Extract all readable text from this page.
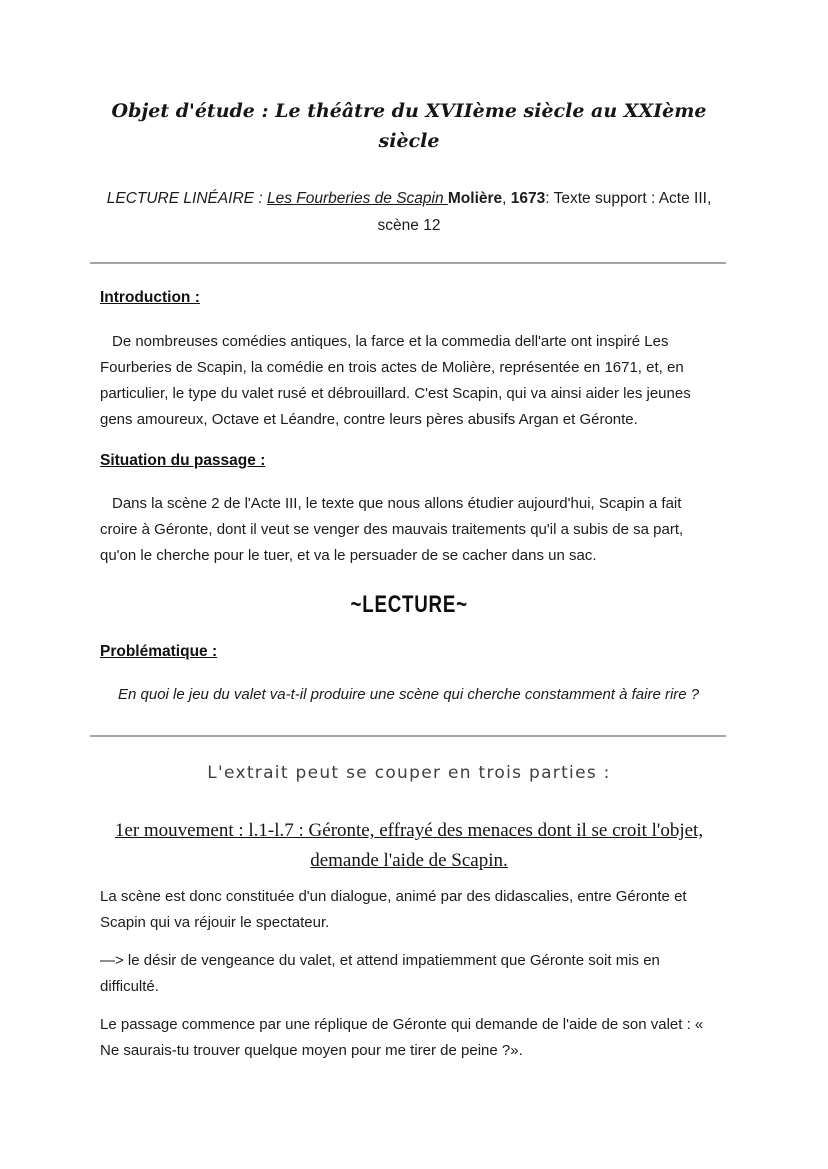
Objet d'étude : Le théâtre du XVIIème siècle au XXIème siècle

LECTURE LINÉAIRE : Les Fourberies de Scapin Molière, 1673: Texte support : Acte III, scène 12

Introduction :

De nombreuses comédies antiques, la farce et la commedia dell'arte ont inspiré Les Fourberies de Scapin, la comédie en trois actes de Molière, représentée en 1671, et, en particulier, le type du valet rusé et débrouillard. C'est Scapin, qui va ainsi aider les jeunes gens amoureux, Octave et Léandre, contre leurs pères abusifs Argan et Géronte.

Situation du passage :

Dans la scène 2 de l'Acte III, le texte que nous allons étudier aujourd'hui, Scapin a fait croire à Géronte, dont il veut se venger des mauvais traitements qu'il a subis de sa part, qu'on le cherche pour le tuer, et va le persuader de se cacher dans un sac.

~LECTURE~
Problématique :

En quoi le jeu du valet va-t-il produire une scène qui cherche constamment à faire rire ?

L'extrait peut se couper en trois parties :

1er mouvement : l.1-l.7 : Géronte, effrayé des menaces dont il se croit l'objet, demande l'aide de Scapin.

La scène est donc constituée d'un dialogue, animé par des didascalies, entre Géronte et Scapin qui va réjouir le spectateur.

—> le désir de vengeance du valet, et attend impatiemment que Géronte soit mis en difficulté.

Le passage commence par une réplique de Géronte qui demande de l'aide de son valet : « Ne saurais-tu trouver quelque moyen pour me tirer de peine ?».
